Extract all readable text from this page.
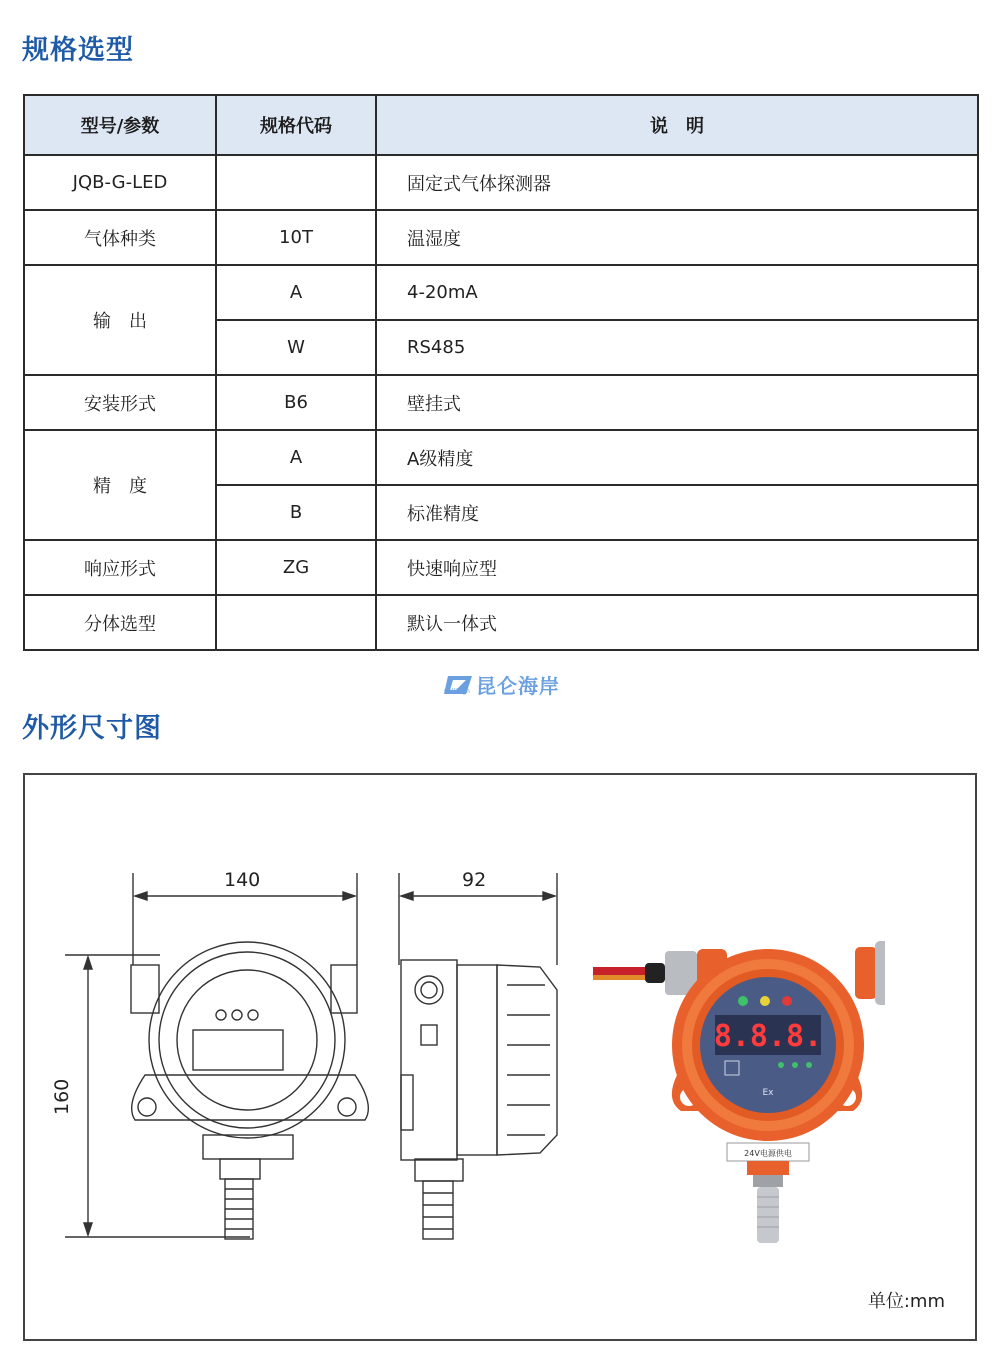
规格选型
型号/参数	规格代码	说　明
JQB-G-LED		固定式气体探测器
气体种类	10T	温湿度
输　出	A	4-20mA
	W	RS485
安装形式	B6	壁挂式
精　度	A	A级精度
	B	标准精度
响应形式	ZG	快速响应型
分体选型		默认一体式
昆仑海岸
Collihigh
外形尺寸图
140	92
160
单位:mm
8.8.8.
Ex
24V电源供电
